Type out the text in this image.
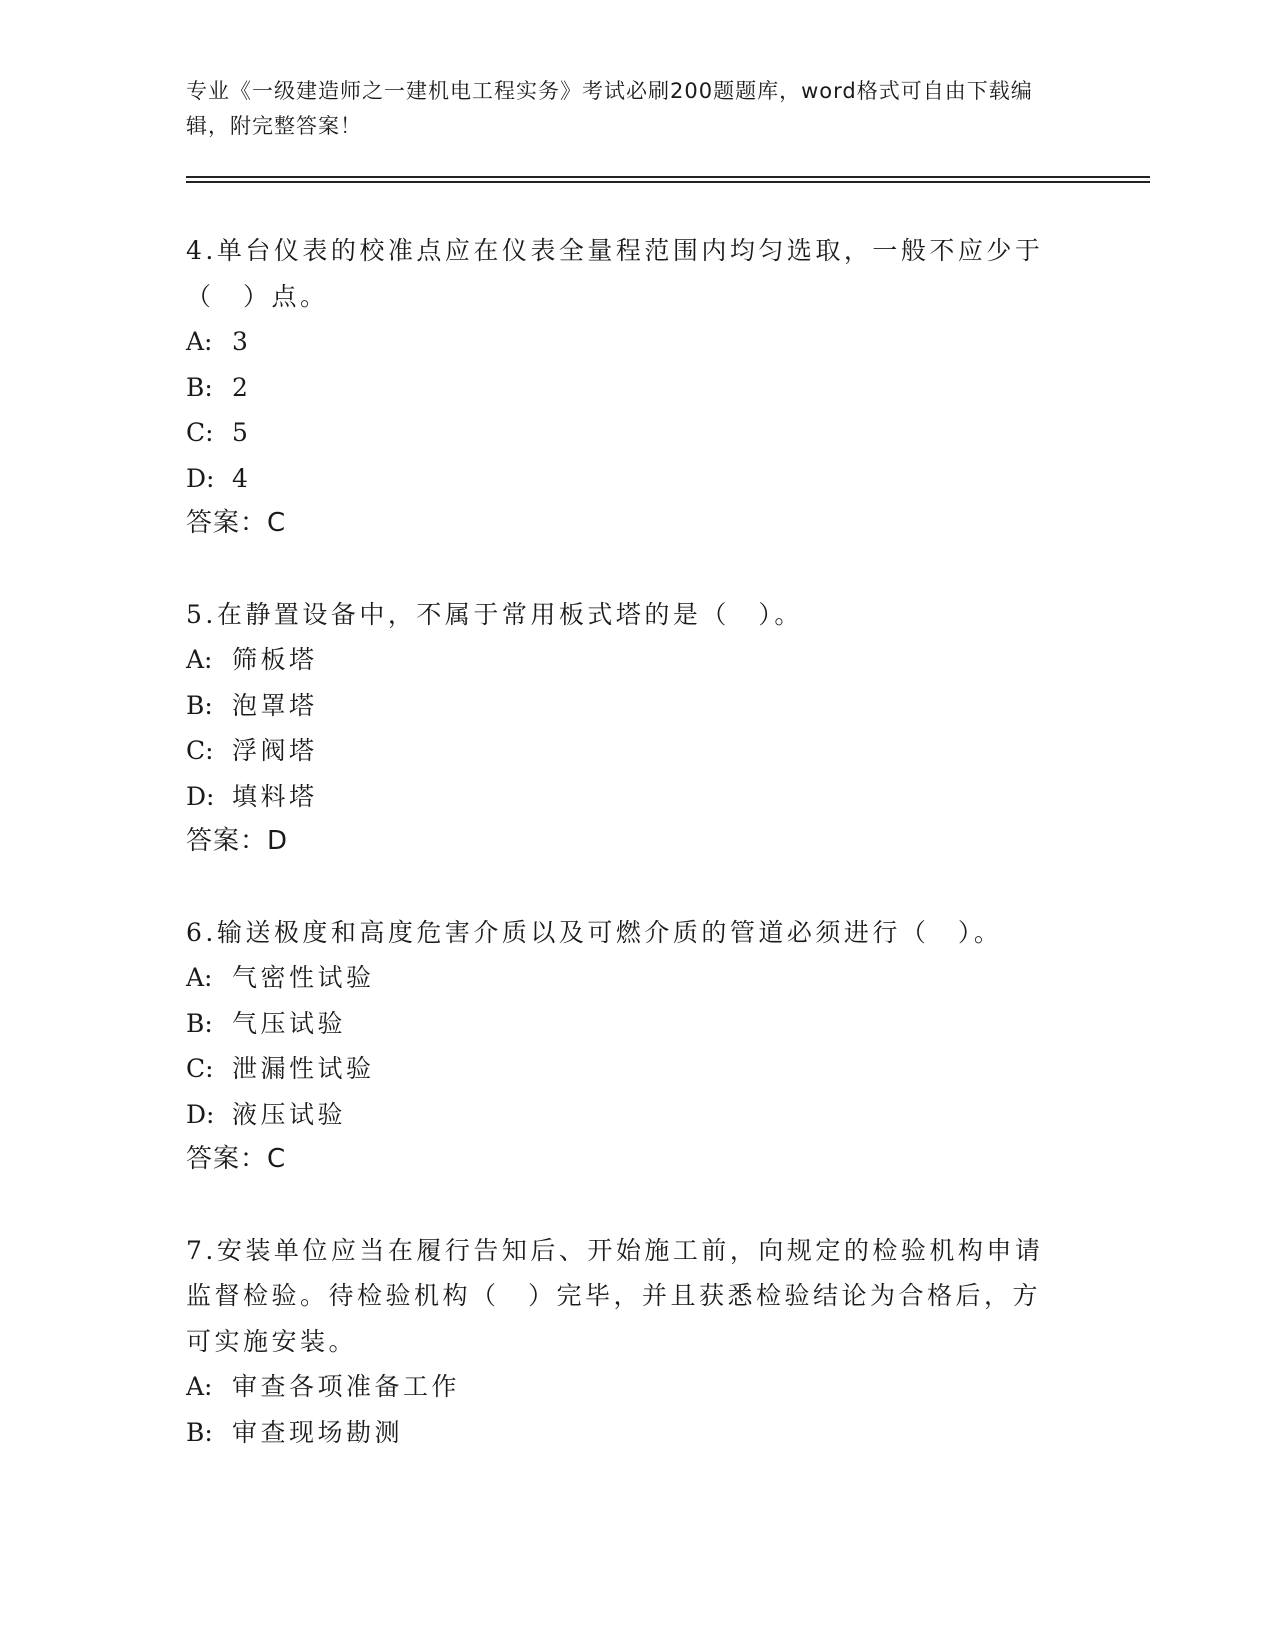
专业《一级建造师之一建机电工程实务》考试必刷200题题库，word格式可自由下载编辑，附完整答案！

4.单台仪表的校准点应在仪表全量程范围内均匀选取，一般不应少于（　）点。

A: 3

B: 2

C: 5

D: 4

答案：C

5.在静置设备中，不属于常用板式塔的是（　）。

A: 筛板塔

B: 泡罩塔

C: 浮阀塔

D: 填料塔

答案：D

6.输送极度和高度危害介质以及可燃介质的管道必须进行（　）。

A: 气密性试验

B: 气压试验

C: 泄漏性试验

D: 液压试验

答案：C

7.安装单位应当在履行告知后、开始施工前，向规定的检验机构申请监督检验。待检验机构（　）完毕，并且获悉检验结论为合格后，方可实施安装。

A: 审查各项准备工作

B: 审查现场勘测
